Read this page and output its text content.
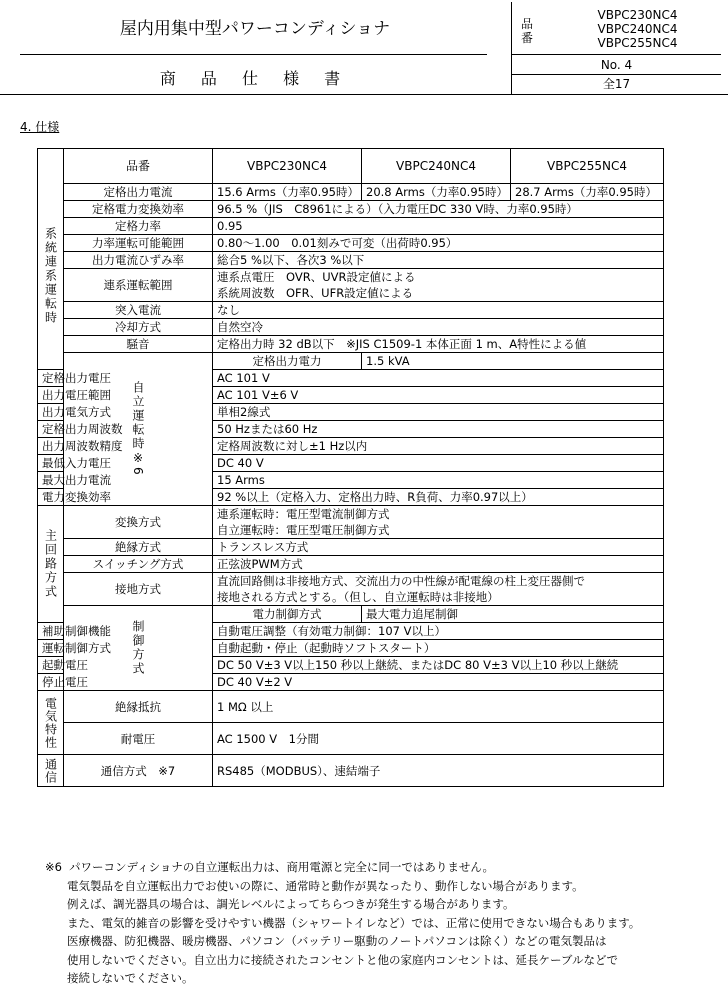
屋内用集中型パワーコンディショナ
商 品 仕 様 書
品
番
VBPC230NC4
VBPC240NC4
VBPC255NC4
No. 4
全17
4. 仕様
	品番	VBPC230NC4	VBPC240NC4	VBPC255NC4

系統連系運転時	定格出力電流	15.6 Arms（力率0.95時）	20.8 Arms（力率0.95時）	28.7 Arms（力率0.95時）
	定格電力変換効率	96.5 %（JIS　C8961による）（入力電圧DC 330 V時、力率0.95時）		
	定格力率	0.95		
	力率運転可能範囲	0.80～1.00　0.01刻みで可変（出荷時0.95）		
	出力電流ひずみ率	総合5 %以下、各次3 %以下		
	連系運転範囲	連系点電圧　OVR、UVR設定値による		
		系統周波数　OFR、UFR設定値による		
	突入電流	なし		
	冷却方式	自然空冷		
	騒音	定格出力時 32 dB以下　※JIS C1509-1 本体正面 1 m、A特性による値		

	自立運転時※6	定格出力電力	1.5 kVA	
定格出力電圧		AC 101 V		
出力電圧範囲		AC 101 V±6 V		
出力電気方式		単相2線式		
定格出力周波数		50 Hzまたは60 Hz		
出力周波数精度		定格周波数に対し±1 Hz以内		
最低入力電圧		DC 40 V		
最大出力電流		15 Arms		
電力変換効率		92 %以上（定格入力、定格出力時、R負荷、力率0.97以上）		

主回路方式	変換方式	連系運転時：電圧型電流制御方式		
		自立運転時：電圧型電圧制御方式		
	絶縁方式	トランスレス方式		
	スイッチング方式	正弦波PWM方式		
	接地方式	直流回路側は非接地方式、交流出力の中性線が配電線の柱上変圧器側で		
		接地される方式とする。（但し、自立運転時は非接地）		

	制御方式	電力制御方式	最大電力追尾制御	
補助制御機能		自動電圧調整（有効電力制御：107 V以上）		
運転制御方式		自動起動・停止（起動時ソフトスタート）		
起動電圧		DC 50 V±3 V以上150 秒以上継続、またはDC 80 V±3 V以上10 秒以上継続		
停止電圧		DC 40 V±2 V		

電気特性	絶縁抵抗	1 MΩ 以上		
	耐電圧	AC 1500 V　1分間		

通信	通信方式　※7	RS485（MODBUS）、速結端子		
※6 パワーコンディショナの自立運転出力は、商用電源と完全に同一ではありません。
電気製品を自立運転出力でお使いの際に、通常時と動作が異なったり、動作しない場合があります。
例えば、調光器具の場合は、調光レベルによってちらつきが発生する場合があります。
また、電気的雑音の影響を受けやすい機器（シャワートイレなど）では、正常に使用できない場合もあります。
医療機器、防犯機器、暖房機器、パソコン（バッテリー駆動のノートパソコンは除く）などの電気製品は
使用しないでください。自立出力に接続されたコンセントと他の家庭内コンセントは、延長ケーブルなどで
接続しないでください。
